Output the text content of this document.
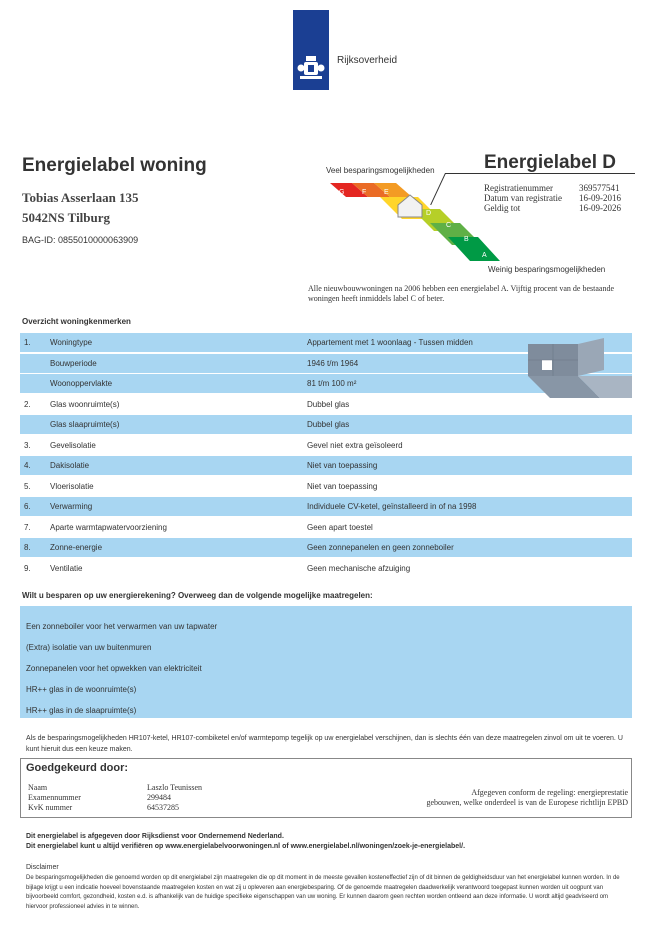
Rijksoverheid
Energielabel woning
Tobias Asserlaan 135
5042NS Tilburg
BAG-ID: 0855010000063909
Energielabel D
Registratienummer	369577541
Datum van registratie 16-09-2016
Geldig tot	16-09-2026
Veel besparingsmogelijkheden
Weinig besparingsmogelijkheden
G	F	E
D
C
B
A
Alle nieuwbouwwoningen na 2006 hebben een energielabel A. Vijftig procent van de bestaande woningen heeft inmiddels label C of beter.
Overzicht woningkenmerken
1. Woningtype	Appartement met 1 woonlaag - Tussen midden
Bouwperiode	1946 t/m 1964
Woonoppervlakte	81 t/m 100 m²
2. Glas woonruimte(s)	Dubbel glas
Glas slaapruimte(s)	Dubbel glas
3. Gevelisolatie	Gevel niet extra geïsoleerd
4. Dakisolatie	Niet van toepassing
5. Vloerisolatie	Niet van toepassing
6. Verwarming	Individuele CV-ketel, geïnstalleerd in of na 1998
7. Aparte warmtapwatervoorziening	Geen apart toestel
8. Zonne-energie	Geen zonnepanelen en geen zonneboiler
9. Ventilatie	Geen mechanische afzuiging
Wilt u besparen op uw energierekening? Overweeg dan de volgende mogelijke maatregelen:
Een zonneboiler voor het verwarmen van uw tapwater
(Extra) isolatie van uw buitenmuren
Zonnepanelen voor het opwekken van elektriciteit
HR++ glas in de woonruimte(s)
HR++ glas in de slaapruimte(s)
Als de besparingsmogelijkheden HR107-ketel, HR107-combiketel en/of warmtepomp tegelijk op uw energielabel verschijnen, dan is slechts één van deze maatregelen zinvol om uit te voeren. U kunt hieruit dus een keuze maken.
Goedgekeurd door:
Naam	Laszlo Teunissen
Examennummer	299484
KvK nummer	64537285
Afgegeven conform de regeling: energieprestatie
gebouwen, welke onderdeel is van de Europese richtlijn EPBD
Dit energielabel is afgegeven door Rijksdienst voor Ondernemend Nederland.
Dit energielabel kunt u altijd verifiëren op www.energielabelvoorwoningen.nl of www.energielabel.nl/woningen/zoek-je-energielabel/.
Disclaimer
De besparingsmogelijkheden die genoemd worden op dit energielabel zijn maatregelen die op dit moment in de meeste gevallen kosteneffectief zijn of dit binnen de geldigheidsduur van het energielabel kunnen worden. In de bijlage krijgt u een indicatie hoeveel bovenstaande maatregelen kosten en wat zij u opleveren aan energiebesparing. Of de genoemde maatregelen daadwerkelijk verantwoord toegepast kunnen worden uit oogpunt van bijvoorbeeld comfort, gezondheid, kosten e.d. is afhankelijk van de huidige specifieke eigenschappen van uw woning. Er kunnen daarom geen rechten worden ontleend aan deze informatie. U wordt altijd geadviseerd om hiervoor professioneel advies in te winnen.
